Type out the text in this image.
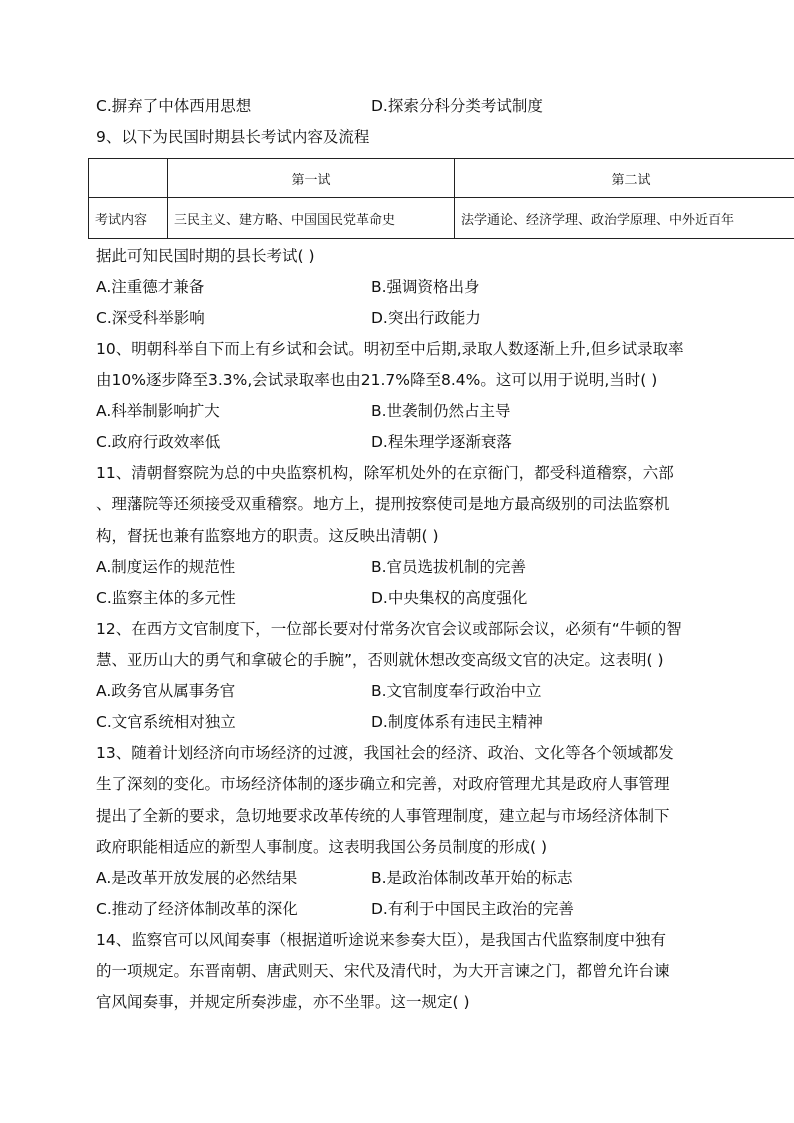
C.摒弃了中体西用思想	D.探索分科分类考试制度
9、以下为民国时期县长考试内容及流程
	第一试	第二试
考试内容	三民主义、建方略、中国国民党革命史	法学通论、经济学理、政治学原理、中外近百年
据此可知民国时期的县长考试( )
A.注重德才兼备	B.强调资格出身
C.深受科举影响	D.突出行政能力
10、明朝科举自下而上有乡试和会试。明初至中后期,录取人数逐渐上升,但乡试录取率
由10%逐步降至3.3%,会试录取率也由21.7%降至8.4%。这可以用于说明,当时( )
A.科举制影响扩大	B.世袭制仍然占主导
C.政府行政效率低	D.程朱理学逐渐衰落
11、清朝督察院为总的中央监察机构，除军机处外的在京衙门，都受科道稽察，六部
、理藩院等还须接受双重稽察。地方上，提刑按察使司是地方最高级别的司法监察机
构，督抚也兼有监察地方的职责。这反映出清朝( )
A.制度运作的规范性	B.官员选拔机制的完善
C.监察主体的多元性	D.中央集权的高度强化
12、在西方文官制度下，一位部长要对付常务次官会议或部际会议，必须有“牛顿的智
慧、亚历山大的勇气和拿破仑的手腕”，否则就休想改变高级文官的决定。这表明( )
A.政务官从属事务官	B.文官制度奉行政治中立
C.文官系统相对独立	D.制度体系有违民主精神
13、随着计划经济向市场经济的过渡，我国社会的经济、政治、文化等各个领域都发
生了深刻的变化。市场经济体制的逐步确立和完善，对政府管理尤其是政府人事管理
提出了全新的要求，急切地要求改革传统的人事管理制度，建立起与市场经济体制下
政府职能相适应的新型人事制度。这表明我国公务员制度的形成( )
A.是改革开放发展的必然结果	B.是政治体制改革开始的标志
C.推动了经济体制改革的深化	D.有利于中国民主政治的完善
14、监察官可以风闻奏事（根据道听途说来参奏大臣），是我国古代监察制度中独有
的一项规定。东晋南朝、唐武则天、宋代及清代时，为大开言谏之门，都曾允许台谏
官风闻奏事，并规定所奏涉虚，亦不坐罪。这一规定( )
